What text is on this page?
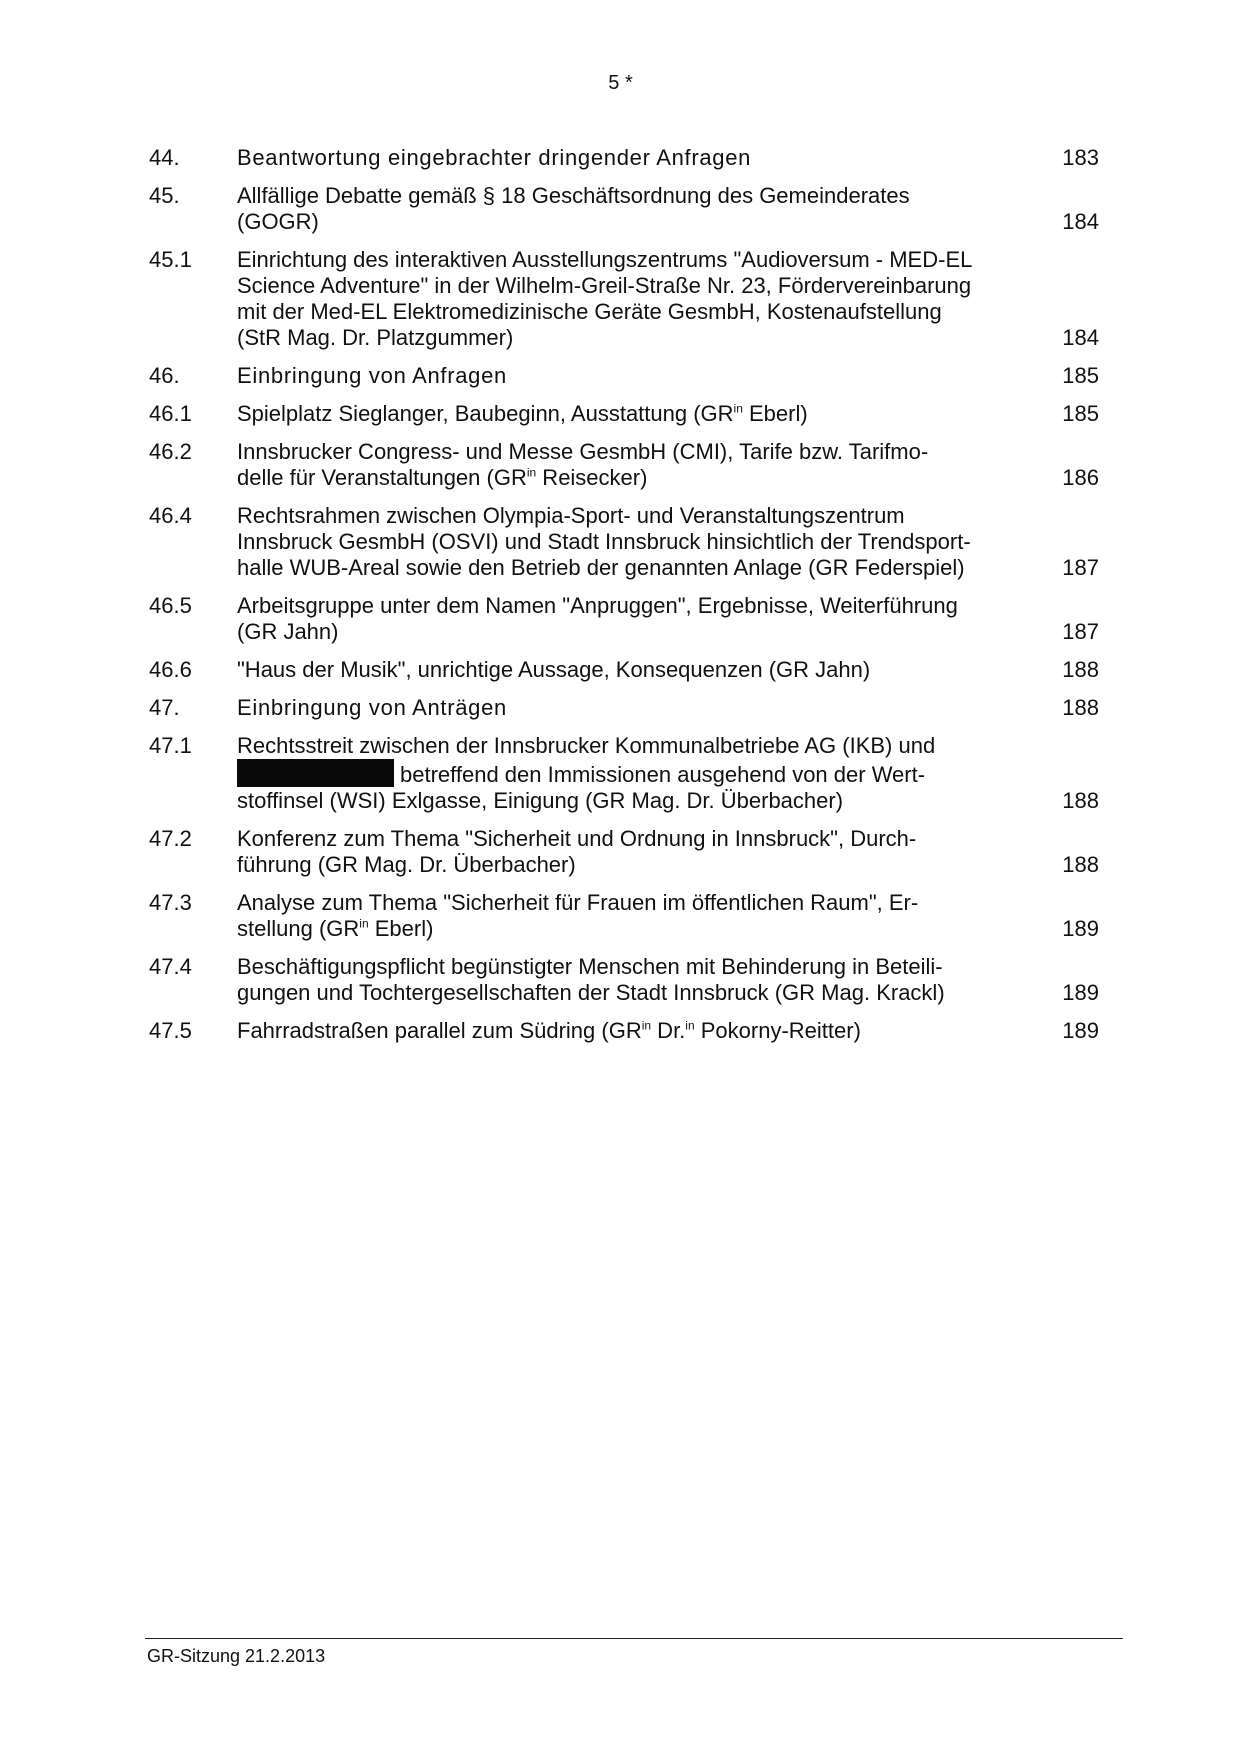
5 *
44.	Beantwortung eingebrachter dringender Anfragen	183
45.	Allfällige Debatte gemäß § 18 Geschäftsordnung des Gemeinderates
(GOGR)	184
45.1	Einrichtung des interaktiven Ausstellungszentrums "Audioversum - MED-EL
Science Adventure" in der Wilhelm-Greil-Straße Nr. 23, Fördervereinbarung
mit der Med-EL Elektromedizinische Geräte GesmbH, Kostenaufstellung
(StR Mag. Dr. Platzgummer)	184
46.	Einbringung von Anfragen	185
46.1	Spielplatz Sieglanger, Baubeginn, Ausstattung ($GR^{in}$ Eberl)	185
46.2	Innsbrucker Congress- und Messe GesmbH (CMI), Tarife bzw. Tarifmo-
delle für Veranstaltungen ($GR^{in}$ Reisecker)	186
46.4	Rechtsrahmen zwischen Olympia-Sport- und Veranstaltungszentrum
Innsbruck GesmbH (OSVI) und Stadt Innsbruck hinsichtlich der Trendsport-
halle WUB-Areal sowie den Betrieb der genannten Anlage (GR Federspiel)	187
46.5	Arbeitsgruppe unter dem Namen "Anpruggen", Ergebnisse, Weiterführung
(GR Jahn)	187
46.6	"Haus der Musik", unrichtige Aussage, Konsequenzen (GR Jahn)	188
47.	Einbringung von Anträgen	188
47.1	Rechtsstreit zwischen der Innsbrucker Kommunalbetriebe AG (IKB) und
betreffend den Immissionen ausgehend von der Wert-
stoffinsel (WSI) Exlgasse, Einigung (GR Mag. Dr. Überbacher)	188
47.2	Konferenz zum Thema "Sicherheit und Ordnung in Innsbruck", Durch-
führung (GR Mag. Dr. Überbacher)	188
47.3	Analyse zum Thema "Sicherheit für Frauen im öffentlichen Raum", Er-
stellung ($GR^{in}$ Eberl)	189
47.4	Beschäftigungspflicht begünstigter Menschen mit Behinderung in Beteili-
gungen und Tochtergesellschaften der Stadt Innsbruck (GR Mag. Krackl)	189
47.5	Fahrradstraßen parallel zum Südring ($GR^{in}$ Dr.$^{in}$ Pokorny-Reitter)	189
GR-Sitzung 21.2.2013
